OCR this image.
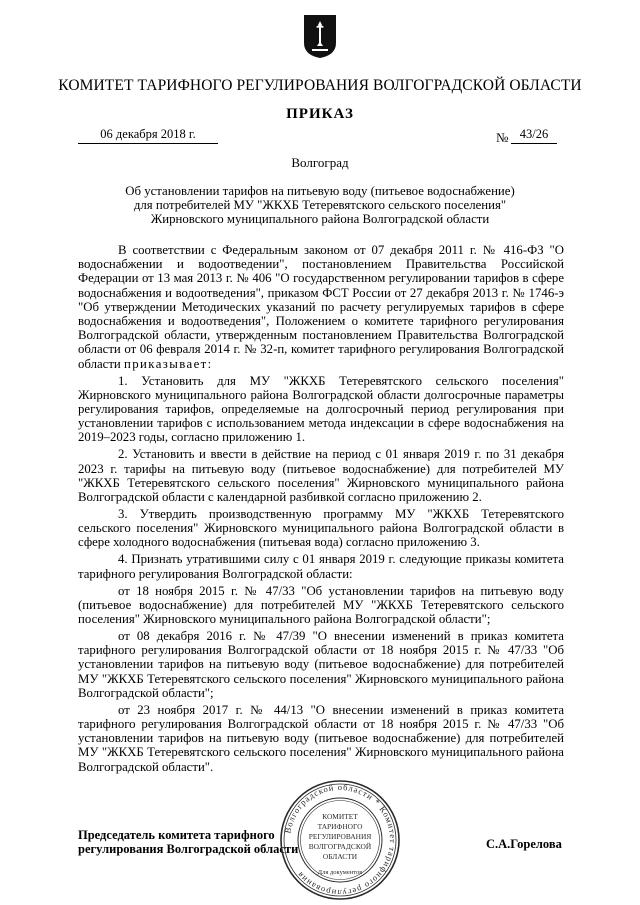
КОМИТЕТ ТАРИФНОГО РЕГУЛИРОВАНИЯ ВОЛГОГРАДСКОЙ ОБЛАСТИ
ПРИКАЗ
06 декабря 2018 г.	№ 43/26
Волгоград
Об установлении тарифов на питьевую воду (питьевое водоснабжение)
для потребителей МУ "ЖКХБ Тетеревятского сельского поселения"
Жирновского муниципального района Волгоградской области

В соответствии с Федеральным законом от 07 декабря 2011 г. № 416-ФЗ "О водоснабжении и водоотведении", постановлением Правительства Российской Федерации от 13 мая 2013 г. № 406 "О государственном регулировании тарифов в сфере водоснабжения и водоотведения", приказом ФСТ России от 27 декабря 2013 г. № 1746-э "Об утверждении Методических указаний по расчету регулируемых тарифов в сфере водоснабжения и водоотведения", Положением о комитете тарифного регулирования Волгоградской области, утвержденным постановлением Правительства Волгоградской области от 06 февраля 2014 г. № 32-п, комитет тарифного регулирования Волгоградской области приказывает:

1. Установить для МУ "ЖКХБ Тетеревятского сельского поселения" Жирновского муниципального района Волгоградской области долгосрочные параметры регулирования тарифов, определяемые на долгосрочный период регулирования при установлении тарифов с использованием метода индексации в сфере водоснабжения на 2019–2023 годы, согласно приложению 1.

2. Установить и ввести в действие на период с 01 января 2019 г. по 31 декабря 2023 г. тарифы на питьевую воду (питьевое водоснабжение) для потребителей МУ "ЖКХБ Тетеревятского сельского поселения" Жирновского муниципального района Волгоградской области с календарной разбивкой согласно приложению 2.

3. Утвердить производственную программу МУ "ЖКХБ Тетеревятского сельского поселения" Жирновского муниципального района Волгоградской области в сфере холодного водоснабжения (питьевая вода) согласно приложению 3.

4. Признать утратившими силу с 01 января 2019 г. следующие приказы комитета тарифного регулирования Волгоградской области:

от 18 ноября 2015 г. № 47/33 "Об установлении тарифов на питьевую воду (питьевое водоснабжение) для потребителей МУ "ЖКХБ Тетеревятского сельского поселения" Жирновского муниципального района Волгоградской области";

от 08 декабря 2016 г. № 47/39 "О внесении изменений в приказ комитета тарифного регулирования Волгоградской области от 18 ноября 2015 г. № 47/33 "Об установлении тарифов на питьевую воду (питьевое водоснабжение) для потребителей МУ "ЖКХБ Тетеревятского сельского поселения" Жирновского муниципального района Волгоградской области";

от 23 ноября 2017 г. № 44/13 "О внесении изменений в приказ комитета тарифного регулирования Волгоградской области от 18 ноября 2015 г. № 47/33 "Об установлении тарифов на питьевую воду (питьевое водоснабжение) для потребителей МУ "ЖКХБ Тетеревятского сельского поселения" Жирновского муниципального района Волгоградской области".

Председатель комитета тарифного
регулирования Волгоградской области	С.А.Горелова
Волгоградской области * Комитет тарифного регулирования
КОМИТЕТ
ТАРИФНОГО
РЕГУЛИРОВАНИЯ
ВОЛГОГРАДСКОЙ
ОБЛАСТИ
Для документов
